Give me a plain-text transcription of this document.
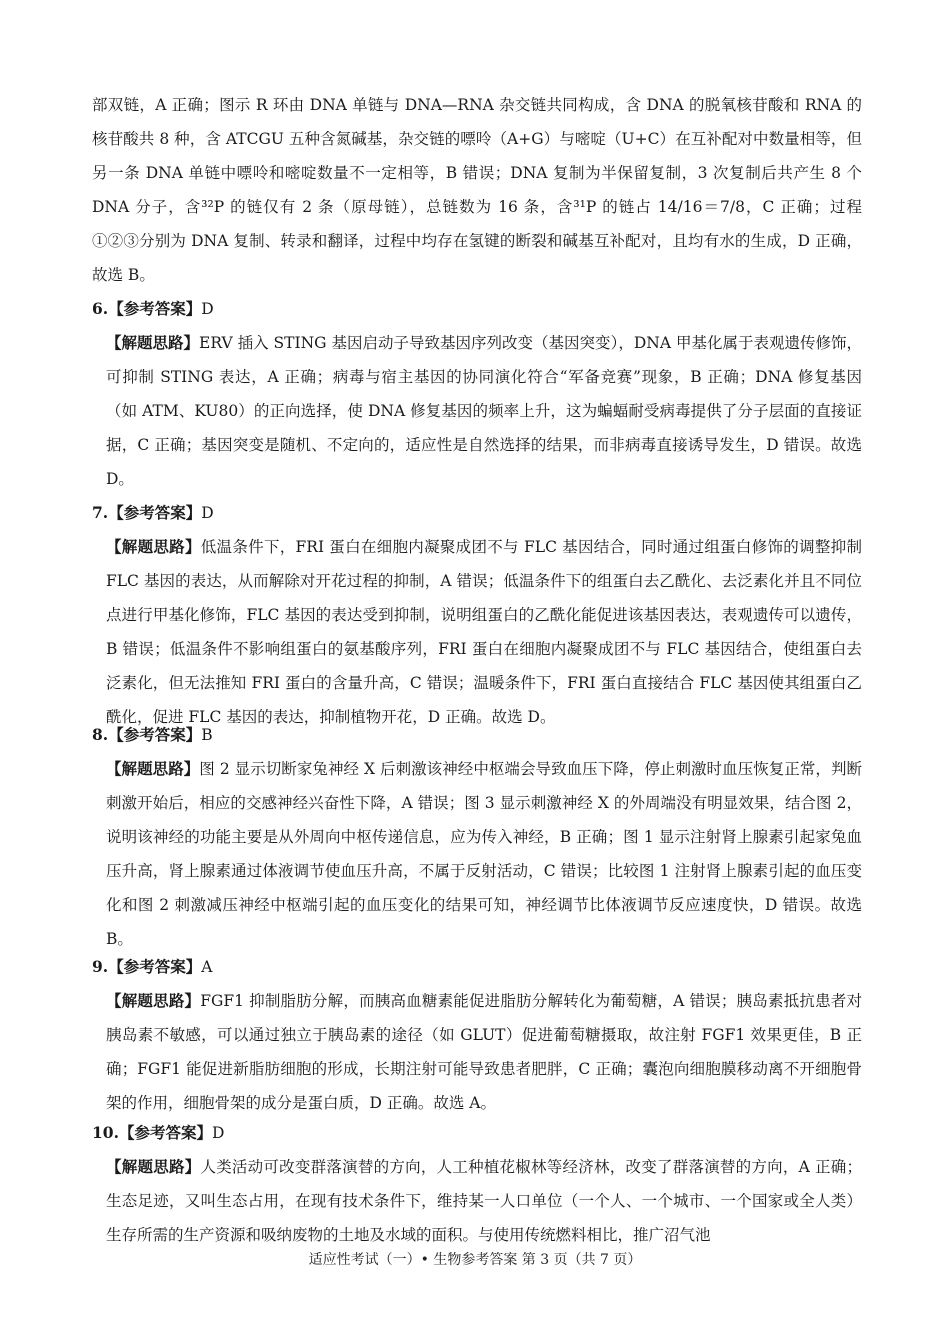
部双链，A 正确；图示 R 环由 DNA 单链与 DNA—RNA 杂交链共同构成，含 DNA 的脱氧核苷酸和 RNA 的核苷酸共 8 种，含 ATCGU 五种含氮碱基，杂交链的嘌呤（A+G）与嘧啶（U+C）在互补配对中数量相等，但另一条 DNA 单链中嘌呤和嘧啶数量不一定相等，B 错误；DNA 复制为半保留复制，3 次复制后共产生 8 个 DNA 分子，含³²P 的链仅有 2 条（原母链），总链数为 16 条，含³¹P 的链占 14/16＝7/8，C 正确；过程①②③分别为 DNA 复制、转录和翻译，过程中均存在氢键的断裂和碱基互补配对，且均有水的生成，D 正确，故选 B。
6.【参考答案】D
【解题思路】ERV 插入 STING 基因启动子导致基因序列改变（基因突变），DNA 甲基化属于表观遗传修饰，可抑制 STING 表达，A 正确；病毒与宿主基因的协同演化符合“军备竞赛”现象，B 正确；DNA 修复基因（如 ATM、KU80）的正向选择，使 DNA 修复基因的频率上升，这为蝙蝠耐受病毒提供了分子层面的直接证据，C 正确；基因突变是随机、不定向的，适应性是自然选择的结果，而非病毒直接诱导发生，D 错误。故选 D。
7.【参考答案】D
【解题思路】低温条件下，FRI 蛋白在细胞内凝聚成团不与 FLC 基因结合，同时通过组蛋白修饰的调整抑制 FLC 基因的表达，从而解除对开花过程的抑制，A 错误；低温条件下的组蛋白去乙酰化、去泛素化并且不同位点进行甲基化修饰，FLC 基因的表达受到抑制，说明组蛋白的乙酰化能促进该基因表达，表观遗传可以遗传，B 错误；低温条件不影响组蛋白的氨基酸序列，FRI 蛋白在细胞内凝聚成团不与 FLC 基因结合，使组蛋白去泛素化，但无法推知 FRI 蛋白的含量升高，C 错误；温暖条件下，FRI 蛋白直接结合 FLC 基因使其组蛋白乙酰化，促进 FLC 基因的表达，抑制植物开花，D 正确。故选 D。
8.【参考答案】B
【解题思路】图 2 显示切断家兔神经 X 后刺激该神经中枢端会导致血压下降，停止刺激时血压恢复正常，判断刺激开始后，相应的交感神经兴奋性下降，A 错误；图 3 显示刺激神经 X 的外周端没有明显效果，结合图 2，说明该神经的功能主要是从外周向中枢传递信息，应为传入神经，B 正确；图 1 显示注射肾上腺素引起家兔血压升高，肾上腺素通过体液调节使血压升高，不属于反射活动，C 错误；比较图 1 注射肾上腺素引起的血压变化和图 2 刺激减压神经中枢端引起的血压变化的结果可知，神经调节比体液调节反应速度快，D 错误。故选 B。
9.【参考答案】A
【解题思路】FGF1 抑制脂肪分解，而胰高血糖素能促进脂肪分解转化为葡萄糖，A 错误；胰岛素抵抗患者对胰岛素不敏感，可以通过独立于胰岛素的途径（如 GLUT）促进葡萄糖摄取，故注射 FGF1 效果更佳，B 正确；FGF1 能促进新脂肪细胞的形成，长期注射可能导致患者肥胖，C 正确；囊泡向细胞膜移动离不开细胞骨架的作用，细胞骨架的成分是蛋白质，D 正确。故选 A。
10.【参考答案】D
【解题思路】人类活动可改变群落演替的方向，人工种植花椒林等经济林，改变了群落演替的方向，A 正确；生态足迹，又叫生态占用，在现有技术条件下，维持某一人口单位（一个人、一个城市、一个国家或全人类）生存所需的生产资源和吸纳废物的土地及水域的面积。与使用传统燃料相比，推广沼气池
适应性考试（一）• 生物参考答案 第 3 页（共 7 页）
